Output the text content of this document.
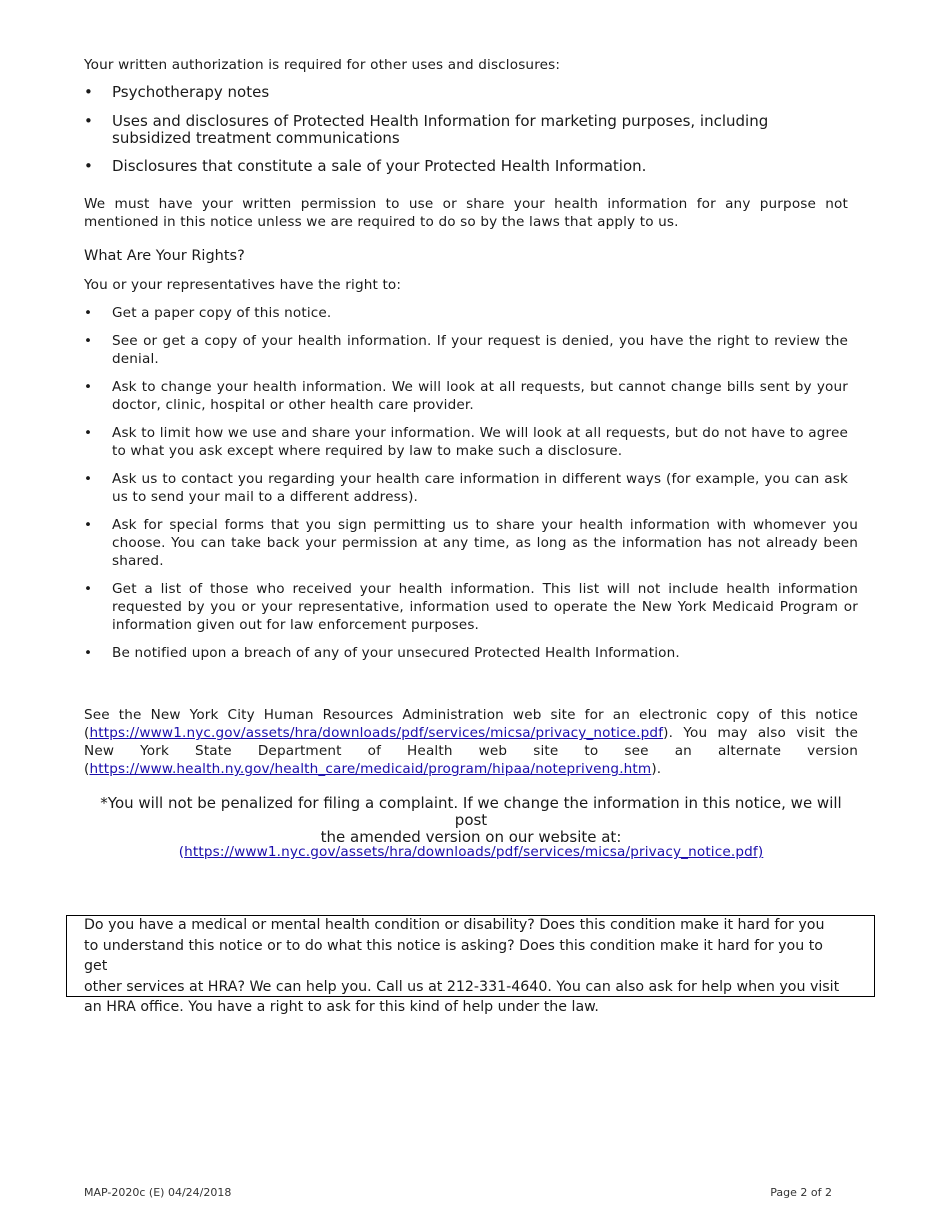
Your written authorization is required for other uses and disclosures:
• Psychotherapy notes
• Uses and disclosures of Protected Health Information for marketing purposes, including subsidized treatment communications
• Disclosures that constitute a sale of your Protected Health Information.
We must have your written permission to use or share your health information for any purpose not mentioned in this notice unless we are required to do so by the laws that apply to us.
What Are Your Rights?
You or your representatives have the right to:
• Get a paper copy of this notice.
• See or get a copy of your health information. If your request is denied, you have the right to review the denial.
• Ask to change your health information. We will look at all requests, but cannot change bills sent by your doctor, clinic, hospital or other health care provider.
• Ask to limit how we use and share your information. We will look at all requests, but do not have to agree to what you ask except where required by law to make such a disclosure.
• Ask us to contact you regarding your health care information in different ways (for example, you can ask us to send your mail to a different address).
• Ask for special forms that you sign permitting us to share your health information with whomever you choose. You can take back your permission at any time, as long as the information has not already been shared.
• Get a list of those who received your health information. This list will not include health information requested by you or your representative, information used to operate the New York Medicaid Program or information given out for law enforcement purposes.
• Be notified upon a breach of any of your unsecured Protected Health Information.
See the New York City Human Resources Administration web site for an electronic copy of this notice (https://www1.nyc.gov/assets/hra/downloads/pdf/services/micsa/privacy_notice.pdf). You may also visit the New York State Department of Health web site to see an alternate version (https://www.health.ny.gov/health_care/medicaid/program/hipaa/notepriveng.htm).
*You will not be penalized for filing a complaint. If we change the information in this notice, we will post
the amended version on our website at:
(https://www1.nyc.gov/assets/hra/downloads/pdf/services/micsa/privacy_notice.pdf)
Do you have a medical or mental health condition or disability? Does this condition make it hard for you
to understand this notice or to do what this notice is asking? Does this condition make it hard for you to get
other services at HRA? We can help you. Call us at 212-331-4640. You can also ask for help when you visit
an HRA office. You have a right to ask for this kind of help under the law.
MAP-2020c (E) 04/24/2018	Page 2 of 2
